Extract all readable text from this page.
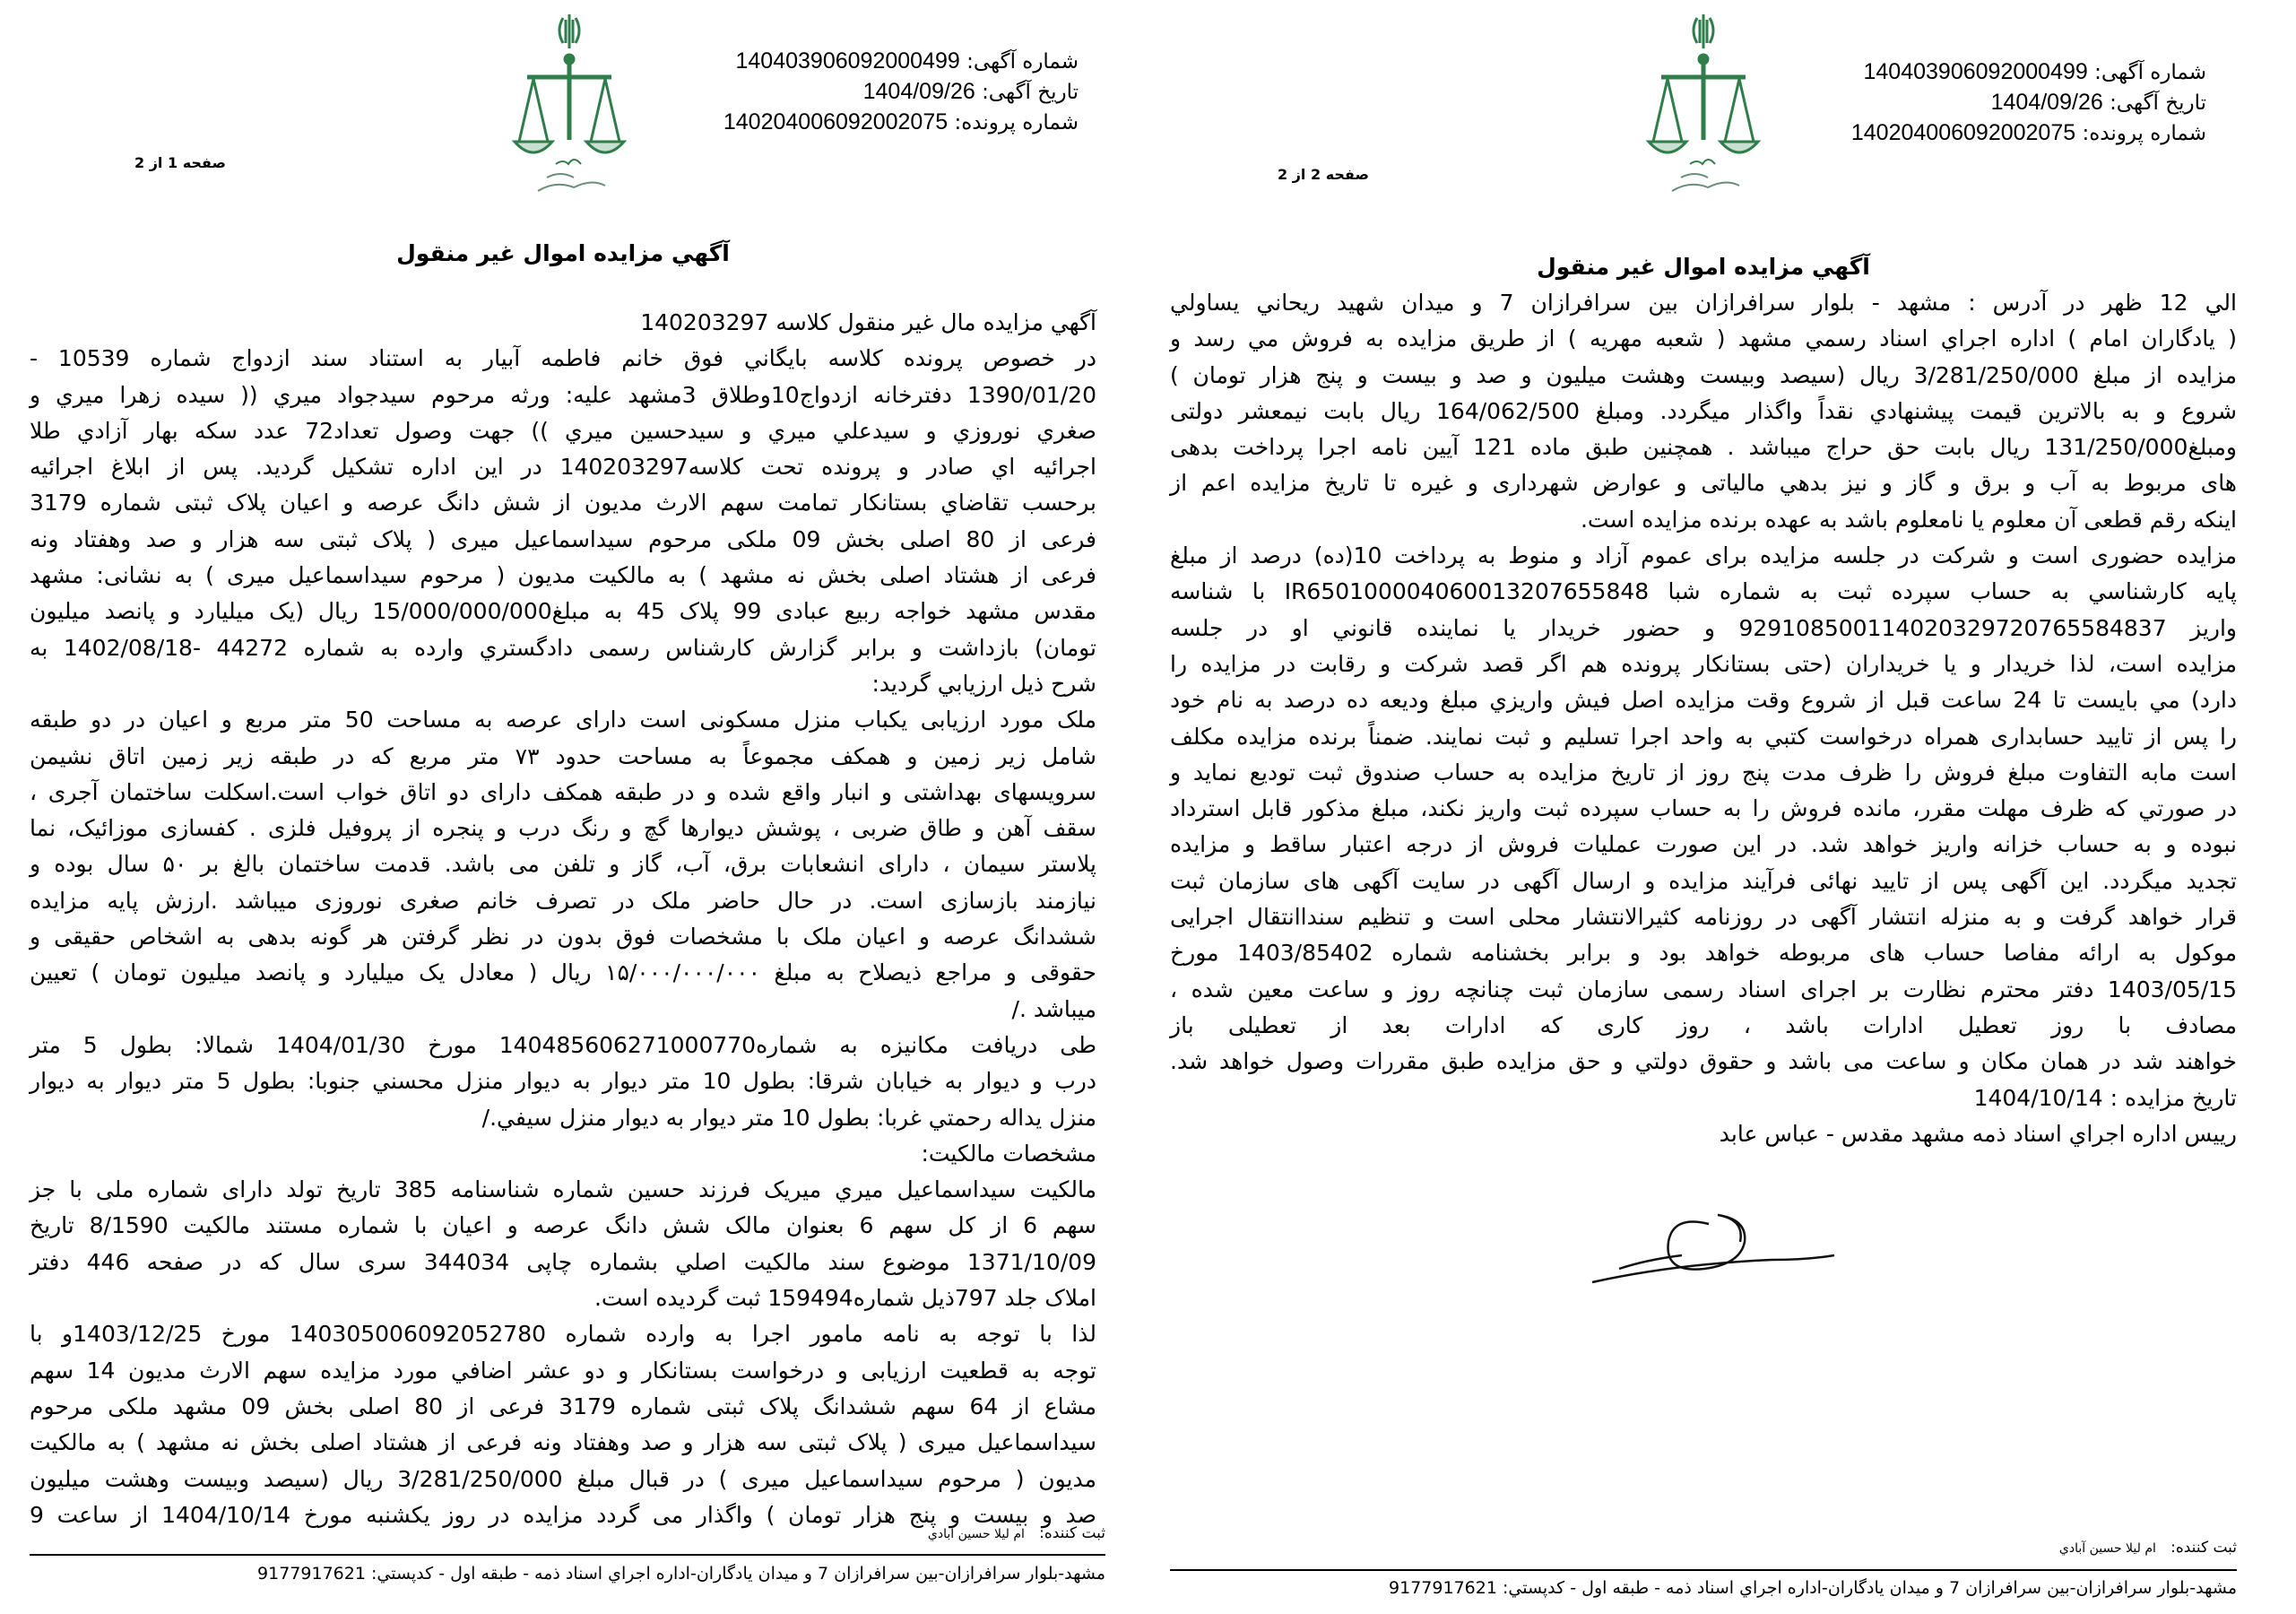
شماره آگهی: 140403906092000499
تاریخ آگهی: 1404/09/26
شماره پرونده: 140204006092002075
صفحه 1 از 2
آگهي مزايده اموال غير منقول
آگهي مزايده مال غير منقول کلاسه 140203297
در خصوص پرونده کلاسه بايگاني فوق خانم فاطمه آبيار به استناد سند ازدواج شماره 10539 -
1390/01/20 دفترخانه ازدواج10وطلاق 3مشهد عليه: ورثه مرحوم سيدجواد ميري (( سيده زهرا ميري و
صغري نوروزي و سيدعلي ميري و سيدحسين ميري )) جهت وصول تعداد72 عدد سکه بهار آزادي طلا
اجرائيه اي صادر و پرونده تحت کلاسه140203297 در اين اداره تشکيل گرديد. پس از ابلاغ اجرائيه
برحسب تقاضاي بستانکار تمامت سهم الارث مديون از شش دانگ عرصه و اعيان پلاک ثبتی شماره 3179
فرعی از 80 اصلی بخش 09 ملکی مرحوم سيداسماعيل ميری ( پلاک ثبتی سه هزار و صد وهفتاد ونه
فرعی از هشتاد اصلی بخش نه مشهد ) به مالکيت مديون ( مرحوم سيداسماعيل ميری ) به نشانی: مشهد
مقدس مشهد خواجه ربيع عبادی 99 پلاک 45 به مبلغ15/000/000/000 ريال (يک ميليارد و پانصد ميليون
تومان) بازداشت و برابر گزارش کارشناس رسمی دادگستري وارده به شماره 44272 -1402/08/18 به
شرح ذيل ارزيابي گرديد:
ملک مورد ارزيابی يکباب منزل مسکونی است دارای عرصه به مساحت 50 متر مربع و اعيان در دو طبقه
شامل زير زمين و همکف مجموعاً به مساحت حدود ۷۳ متر مربع که در طبقه زير زمين اتاق نشيمن
سرويسهای بهداشتی و انبار واقع شده و در طبقه همکف دارای دو اتاق خواب است.اسکلت ساختمان آجری ،
سقف آهن و طاق ضربی ، پوشش ديوارها گچ و رنگ درب و پنجره از پروفيل فلزی . کفسازی موزائيک، نما
پلاستر سيمان ، دارای انشعابات برق، آب، گاز و تلفن می باشد. قدمت ساختمان بالغ بر ۵۰ سال بوده و
نيازمند بازسازی است. در حال حاضر ملک در تصرف خانم صغری نوروزی ميباشد .ارزش پايه مزايده
ششدانگ عرصه و اعيان ملک با مشخصات فوق بدون در نظر گرفتن هر گونه بدهی به اشخاص حقيقی و
حقوقی و مراجع ذيصلاح به مبلغ ۱۵/۰۰۰/۰۰۰/۰۰۰ ريال ( معادل يک ميليارد و پانصد ميليون تومان ) تعيين
ميباشد ./
طی دريافت مکانيزه به شماره140485606271000770 مورخ 1404/01/30 شمالا: بطول 5 متر
درب و ديوار به خيابان شرقا: بطول 10 متر ديوار به ديوار منزل محسني جنوبا: بطول 5 متر ديوار به ديوار
منزل يداله رحمتي غربا: بطول 10 متر ديوار به ديوار منزل سيفي./
مشخصات مالکيت:
مالکيت سيداسماعيل ميري ميريک فرزند حسين شماره شناسنامه 385 تاريخ تولد دارای شماره ملی با جز
سهم 6 از کل سهم 6 بعنوان مالک شش دانگ عرصه و اعيان با شماره مستند مالکيت 8/1590 تاريخ
1371/10/09 موضوع سند مالکيت اصلي بشماره چاپی 344034 سری سال که در صفحه 446 دفتر
املاک جلد 797ذيل شماره159494 ثبت گرديده است.
لذا با توجه به نامه مامور اجرا به وارده شماره 140305006092052780 مورخ 1403/12/25و با
توجه به قطعيت ارزيابی و درخواست بستانکار و دو عشر اضافي مورد مزايده سهم الارث مديون 14 سهم
مشاع از 64 سهم ششدانگ پلاک ثبتی شماره 3179 فرعی از 80 اصلی بخش 09 مشهد ملکی مرحوم
سيداسماعيل ميری ( پلاک ثبتی سه هزار و صد وهفتاد ونه فرعی از هشتاد اصلی بخش نه مشهد ) به مالکيت
مديون ( مرحوم سيداسماعيل ميری ) در قبال مبلغ 3/281/250/000 ريال (سيصد وبيست وهشت ميليون
صد و بيست و پنج هزار تومان ) واگذار می گردد مزايده در روز يکشنبه مورخ 1404/10/14 از ساعت 9
ثبت کننده:   ام ليلا حسين آبادي
مشهد-بلوار سرافرازان-بين سرافرازان 7 و ميدان يادگاران-اداره اجراي اسناد ذمه - طبقه اول - کدپستي: 9177917621
شماره آگهی: 140403906092000499
تاریخ آگهی: 1404/09/26
شماره پرونده: 140204006092002075
صفحه 2 از 2
آگهي مزايده اموال غير منقول
الي 12 ظهر در آدرس : مشهد - بلوار سرافرازان بين سرافرازان 7 و ميدان شهيد ريحاني يساولي
( يادگاران امام ) اداره اجراي اسناد رسمي مشهد ( شعبه مهريه ) از طريق مزايده به فروش مي رسد و
مزايده از مبلغ 3/281/250/000 ريال (سيصد وبيست وهشت ميليون و صد و بيست و پنج هزار تومان )
شروع و به بالاترين قيمت پيشنهادي نقداً واگذار ميگردد. ومبلغ 164/062/500 ريال بابت نيمعشر دولتی
ومبلغ131/250/000 ريال بابت حق حراج ميباشد . همچنين طبق ماده 121 آيين نامه اجرا پرداخت بدهی
های مربوط به آب و برق و گاز و نيز بدهي مالياتی و عوارض شهرداری و غيره تا تاريخ مزايده اعم از
اينکه رقم قطعی آن معلوم يا نامعلوم باشد به عهده برنده مزايده است.
مزايده حضوری است و شرکت در جلسه مزايده برای عموم آزاد و منوط به پرداخت 10(ده) درصد از مبلغ
پايه کارشناسي به حساب سپرده ثبت به شماره شبا IR650100004060013207655848 با شناسه
واريز 929108500114020329720765584837 و حضور خريدار يا نماينده قانوني او در جلسه
مزايده است، لذا خريدار و يا خريداران (حتی بستانکار پرونده هم اگر قصد شرکت و رقابت در مزايده را
دارد) مي بايست تا 24 ساعت قبل از شروع وقت مزايده اصل فيش واريزي مبلغ وديعه ده درصد به نام خود
را پس از تاييد حسابداری همراه درخواست کتبي به واحد اجرا تسليم و ثبت نمايند. ضمناً برنده مزايده مکلف
است مابه التفاوت مبلغ فروش را ظرف مدت پنج روز از تاريخ مزايده به حساب صندوق ثبت توديع نمايد و
در صورتي که ظرف مهلت مقرر، مانده فروش را به حساب سپرده ثبت واريز نکند، مبلغ مذکور قابل استرداد
نبوده و به حساب خزانه واريز خواهد شد. در اين صورت عمليات فروش از درجه اعتبار ساقط و مزايده
تجديد ميگردد. اين آگهی پس از تاييد نهائی فرآيند مزايده و ارسال آگهی در سايت آگهی های سازمان ثبت
قرار خواهد گرفت و به منزله انتشار آگهی در روزنامه کثيرالانتشار محلی است و تنظيم سنداانتقال اجرايی
موکول به ارائه مفاصا حساب های مربوطه خواهد بود و برابر بخشنامه شماره 1403/85402 مورخ
1403/05/15 دفتر محترم نظارت بر اجرای اسناد رسمی سازمان ثبت چنانچه روز و ساعت معين شده ،
مصادف با روز تعطيل ادارات باشد ، روز کاری که ادارات بعد از تعطيلی باز
خواهند شد در همان مکان و ساعت می باشد و حقوق دولتي و حق مزايده طبق مقررات وصول خواهد شد.
تاريخ مزايده : 1404/10/14
رييس اداره اجراي اسناد ذمه مشهد مقدس - عباس عابد
ثبت کننده:   ام ليلا حسين آبادي
مشهد-بلوار سرافرازان-بين سرافرازان 7 و ميدان يادگاران-اداره اجراي اسناد ذمه - طبقه اول - کدپستي: 9177917621
